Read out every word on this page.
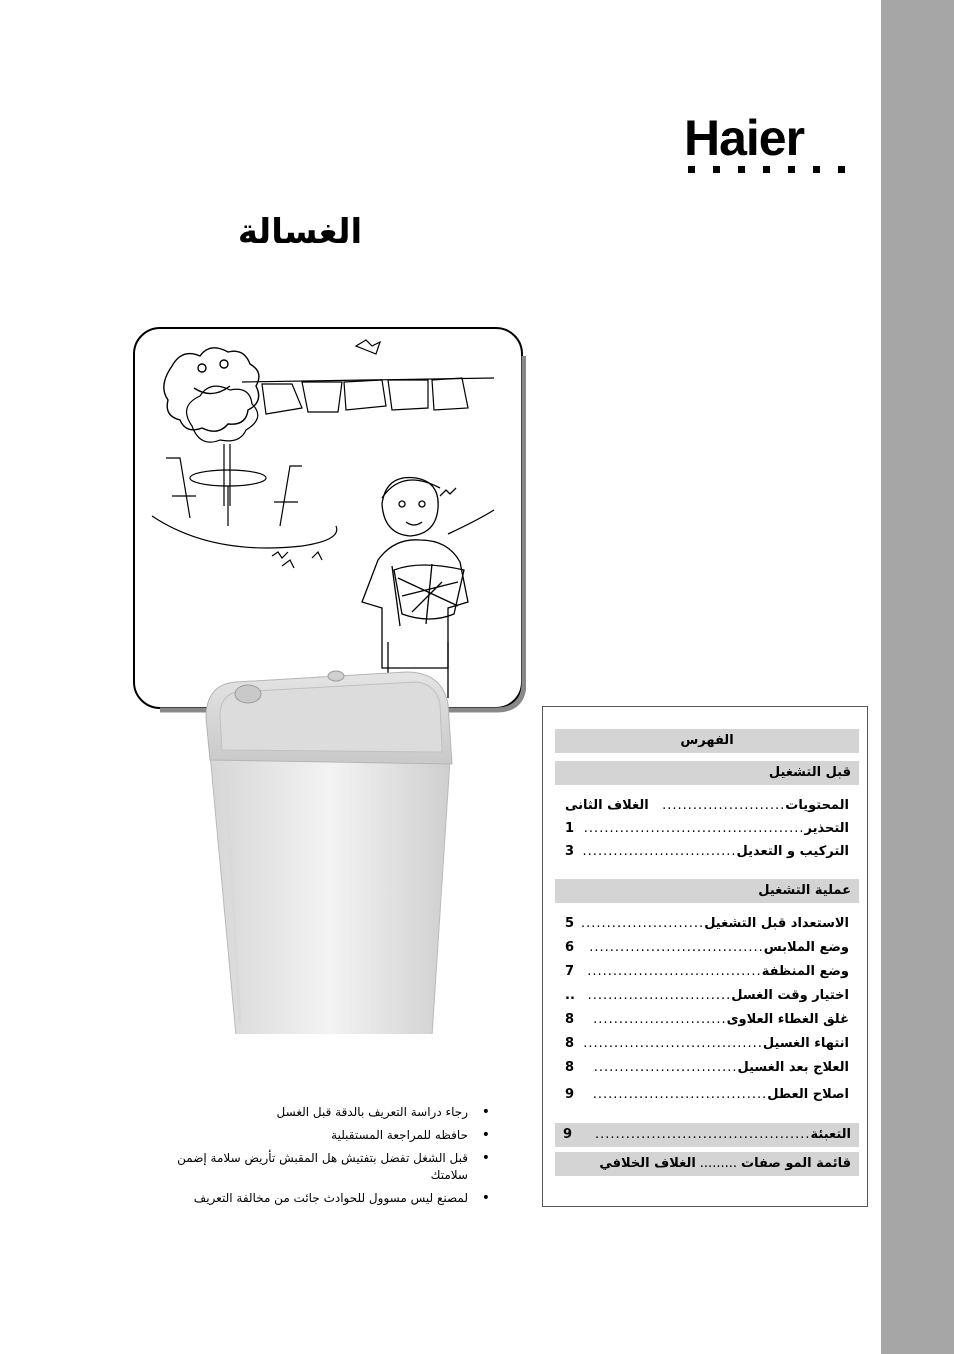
Haier
الغسالة
• رجاء دراسة التعريف بالدقة قبل الغسل
• حافظه للمراجعة المستقبلية
• قبل الشغل تفضل بتفتيش هل المقبش تأريض سلامة إضمن سلامتك
• لمصنع ليس مسوول للحوادث جائت من مخالفة التعريف
الفهرس
قبل التشغيل
المحتويات
........................
الغلاف الثانى
التحذير
...........................................
1
التركيب و التعديل
..............................
3
عملية التشغيل
الاستعداد قبل التشغيل
........................
5
وضع الملابس
..................................
6
وضع المنظفة
..................................
7
اختيار وقت الغسل
............................
..
غلق الغطاء العلاوى
..........................
8
انتهاء الغسيل
...................................
8
العلاج بعد الغسيل
............................
8
اصلاح العطل
..................................
9
التعبئة
..........................................
9
قائمة المو صفات
.........
الغلاف الخلافي
